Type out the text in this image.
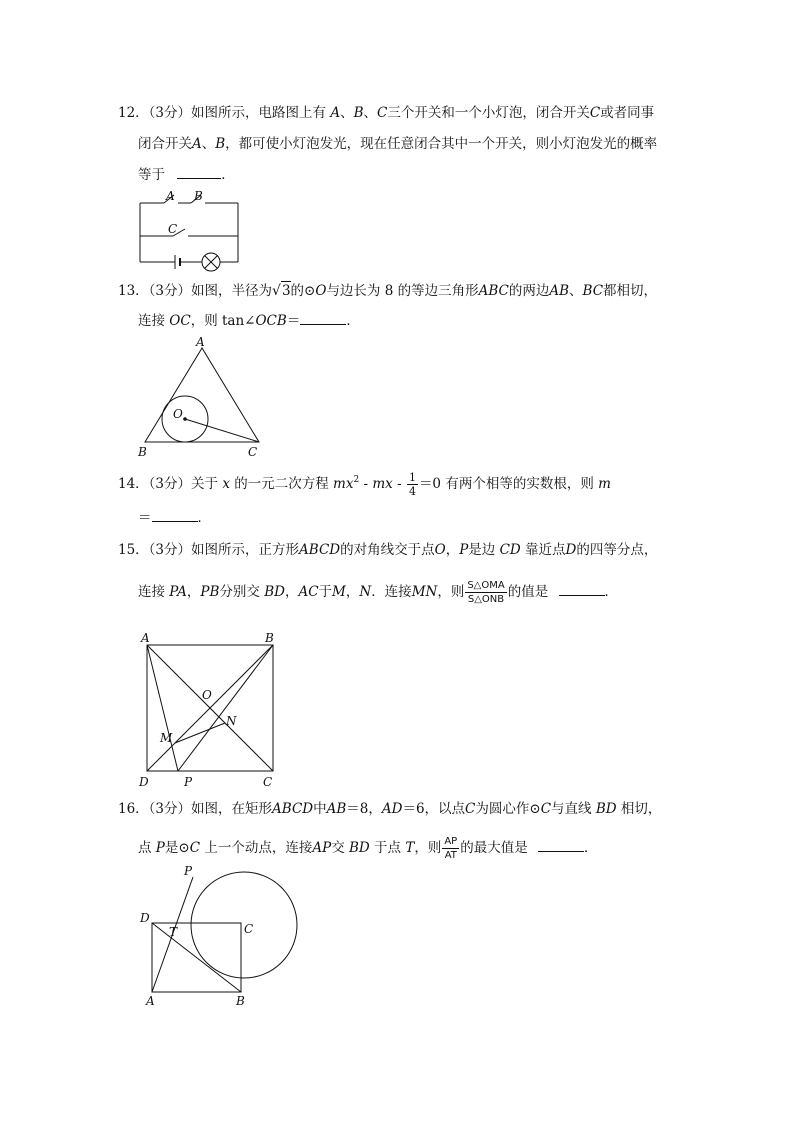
12．（3分）如图所示，电路图上有 A、B、C三个开关和一个小灯泡，闭合开关C或者同事
闭合开关A、B，都可使小灯泡发光，现在任意闭合其中一个开关，则小灯泡发光的概率
等于	．
A B
C
13．（3分）如图，半径为√3的⊙O与边长为 8 的等边三角形ABC的两边AB、BC都相切，
连接 OC，则 tan∠OCB＝	．
A
B	C
O
14．（3分）关于 x 的一元二次方程 $mx^2$ - mx - $\frac{1}{4} =0$ 有两个相等的实数根，则 m
＝	．
15．（3分）如图所示，正方形ABCD的对角线交于点O，P是边 CD 靠近点D的四等分点，
连接 PA，PB分别交 BD，AC于M，N．连接MN，则 $\frac{\text{S△OMA}}{\text{S△ONB}}$ 的值是	．
A	B
C
D
O
N
M
P
16．（3分）如图，在矩形ABCD中AB＝8，AD＝6，以点C为圆心作⊙C与直线 BD 相切，
点 P是⊙C 上一个动点，连接AP交 BD 于点 T，则 $\frac{AP}{AT}$ 的最大值是	．
D
C
A	B
P
T
